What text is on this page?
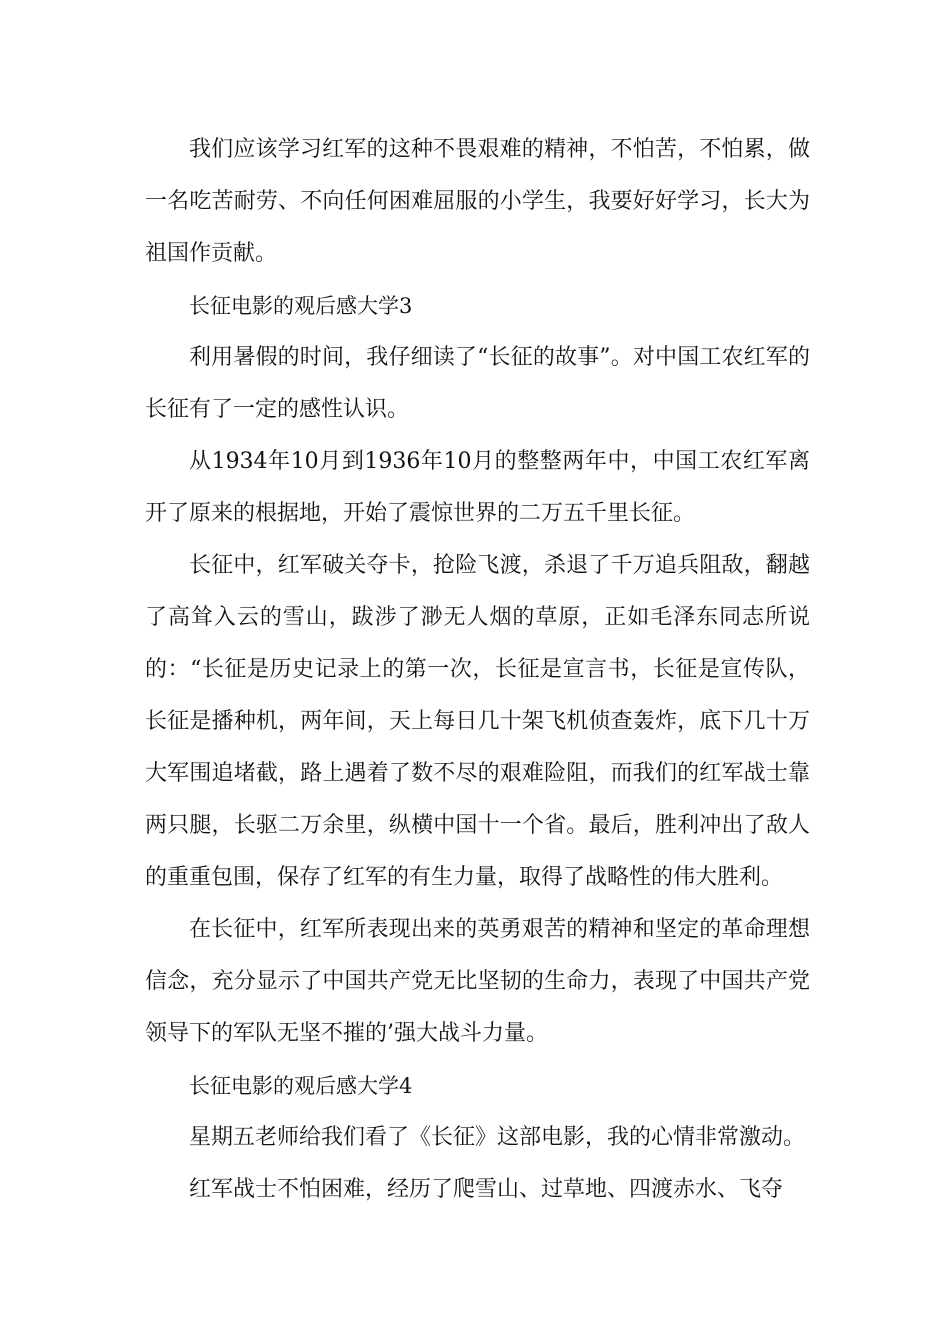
我们应该学习红军的这种不畏艰难的精神，不怕苦，不怕累，做一名吃苦耐劳、不向任何困难屈服的小学生，我要好好学习，长大为祖国作贡献。

长征电影的观后感大学3

利用暑假的时间，我仔细读了“长征的故事”。对中国工农红军的长征有了一定的感性认识。

从1934年10月到1936年10月的整整两年中，中国工农红军离开了原来的根据地，开始了震惊世界的二万五千里长征。

长征中，红军破关夺卡，抢险飞渡，杀退了千万追兵阻敌，翻越了高耸入云的雪山，跋涉了渺无人烟的草原，正如毛泽东同志所说的：“长征是历史记录上的第一次，长征是宣言书，长征是宣传队，长征是播种机，两年间，天上每日几十架飞机侦查轰炸，底下几十万大军围追堵截，路上遇着了数不尽的艰难险阻，而我们的红军战士靠两只腿，长驱二万余里，纵横中国十一个省。最后，胜利冲出了敌人的重重包围，保存了红军的有生力量，取得了战略性的伟大胜利。

在长征中，红军所表现出来的英勇艰苦的精神和坚定的革命理想信念，充分显示了中国共产党无比坚韧的生命力，表现了中国共产党领导下的军队无坚不摧的’强大战斗力量。

长征电影的观后感大学4

星期五老师给我们看了《长征》这部电影，我的心情非常激动。

红军战士不怕困难，经历了爬雪山、过草地、四渡赤水、飞夺
